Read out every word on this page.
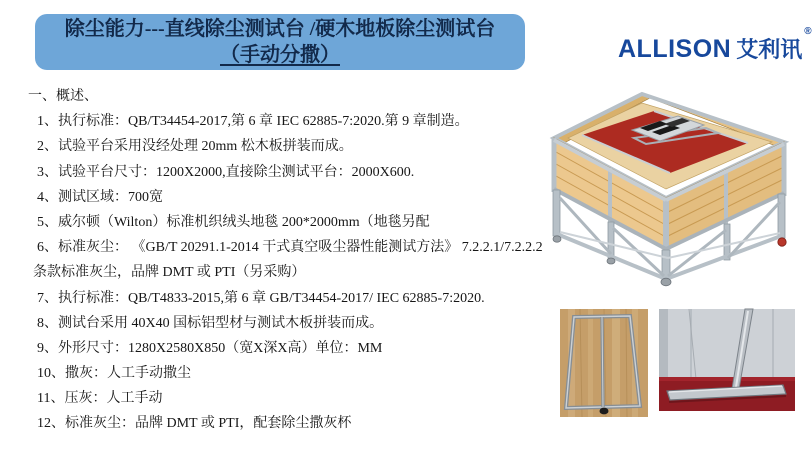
除尘能力---直线除尘测试台 /硬木地板除尘测试台
（手动分撒）	ALLISON 艾利讯®
一、概述、
1、执行标准：QB/T34454-2017,第 6 章 IEC 62885-7:2020.第 9 章制造。
2、试验平台采用没经处理 20mm 松木板拼装而成。
3、试验平台尺寸：1200X2000,直接除尘测试平台：2000X600.
4、测试区域：700宽
5、威尔顿（Wilton）标准机织绒头地毯 200*2000mm（地毯另配
6、标准灰尘： 《GB/T 20291.1-2014 干式真空吸尘器性能测试方法》 7.2.2.1/7.2.2.2
条款标准灰尘，品牌 DMT 或 PTI（另采购）
7、执行标准：QB/T4833-2015,第 6 章 GB/T34454-2017/ IEC 62885-7:2020.
8、测试台采用 40X40 国标铝型材与测试木板拼装而成。
9、外形尺寸：1280X2580X850（宽X深X高）单位：MM
10、撒灰：人工手动撒尘
11、压灰：人工手动
12、标准灰尘：品牌 DMT 或 PTI，配套除尘撒灰杯
